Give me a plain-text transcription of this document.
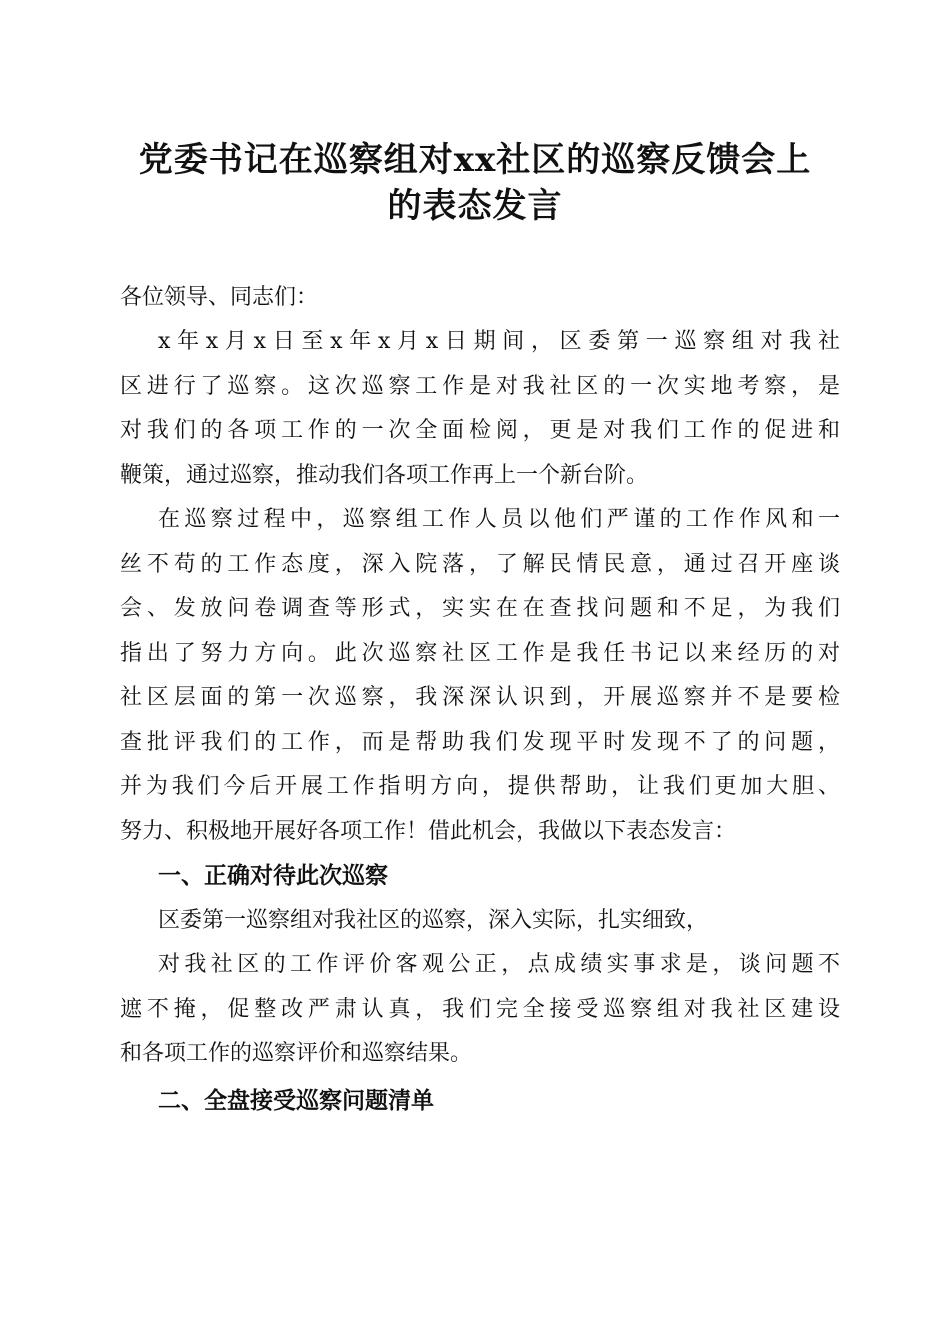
党委书记在巡察组对xx社区的巡察反馈会上
的表态发言
各位领导、同志们：
x年x月x日至x年x月x日期间，区委第一巡察组对我社
区进行了巡察。这次巡察工作是对我社区的一次实地考察，是
对我们的各项工作的一次全面检阅，更是对我们工作的促进和
鞭策，通过巡察，推动我们各项工作再上一个新台阶。
在巡察过程中，巡察组工作人员以他们严谨的工作作风和一
丝不苟的工作态度，深入院落，了解民情民意，通过召开座谈
会、发放问卷调查等形式，实实在在查找问题和不足，为我们
指出了努力方向。此次巡察社区工作是我任书记以来经历的对
社区层面的第一次巡察，我深深认识到，开展巡察并不是要检
查批评我们的工作，而是帮助我们发现平时发现不了的问题，
并为我们今后开展工作指明方向，提供帮助，让我们更加大胆、
努力、积极地开展好各项工作！借此机会，我做以下表态发言：
一、正确对待此次巡察
区委第一巡察组对我社区的巡察，深入实际，扎实细致，
对我社区的工作评价客观公正，点成绩实事求是，谈问题不
遮不掩，促整改严肃认真，我们完全接受巡察组对我社区建设
和各项工作的巡察评价和巡察结果。
二、全盘接受巡察问题清单
